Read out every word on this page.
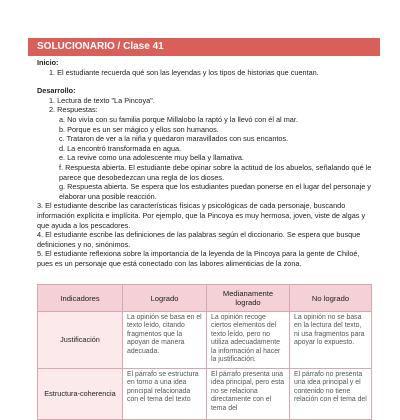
SOLUCIONARIO / Clase 41

Inicio:

1. El estudiante recuerda qué son las leyendas y los tipos de historias que cuentan.

Desarrollo:

1. Lectura de texto "La Pincoya".

2. Respuestas:

a. No vivía con su familia porque Millalobo la raptó y la llevó con él al mar.

b. Porque es un ser mágico y ellos son humanos.

c. Trataron de ver a la niña y quedaron maravillados con sus encantos.

d. La encontró transformada en agua.

e. La revive como una adolescente muy bella y llamativa.

f. Respuesta abierta. El estudiante debe opinar sobre la actitud de los abuelos, señalando qué le parece que desobedezcan una regla de los dioses.

g. Respuesta abierta. Se espera que los estudiantes puedan ponerse en el lugar del personaje y elaborar una posible reacción.

3. El estudiante describe las características físicas y psicológicas de cada personaje, buscando información explícita e implícita. Por ejemplo, que la Pincoya es muy hermosa, joven, viste de algas y que ayuda a los pescadores.

4. El estudiante escribe las definiciones de las palabras según el diccionario. Se espera que busque definiciones y no, sinónimos.

5. El estudiante reflexiona sobre la importancia de la leyenda de la Pincoya para la gente de Chiloé, pues es un personaje que está conectado con las labores alimenticias de la zona.

Indicadores	Logrado	Medianamente logrado	No logrado
Justificación	La opinión se basa en el texto leído, citando fragmentos que la apoyan de manera adecuada.	La opinión recoge ciertos elementos del texto leído, pero no utiliza adecuadamente la información al hacer la justificación.	La opinión no se basa en la lectura del texto, ni usa fragmentos para apoyar lo expuesto.
Estructura-coherencia	El párrafo se estructura en torno a una idea principal relacionada con el tema del texto	El párrafo presenta una idea principal, pero esta no se relaciona directamente con el tema del	El párrafo no presenta una idea principal y el contenido no tiene relación con el tema del
